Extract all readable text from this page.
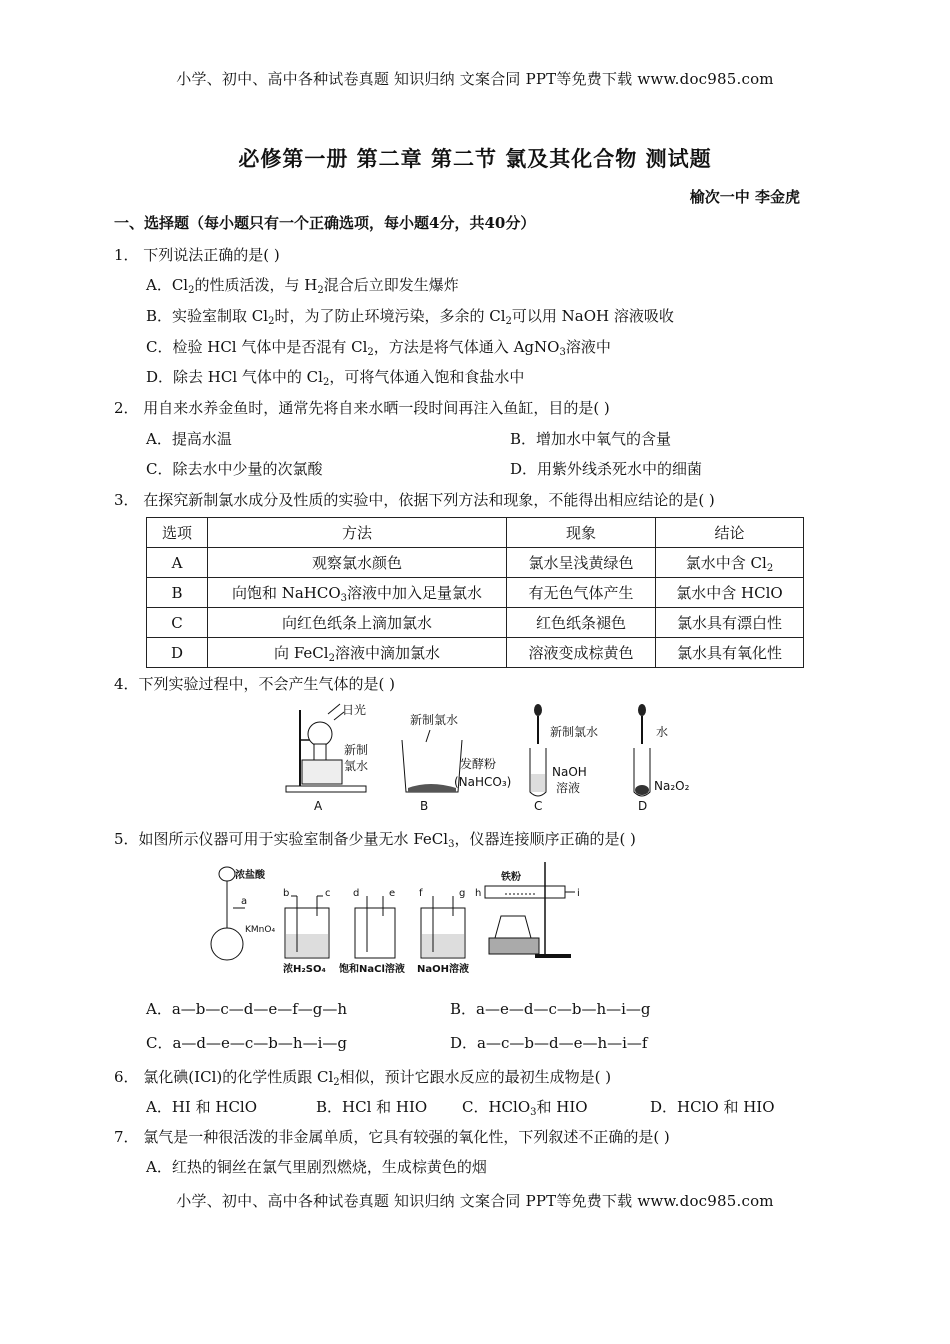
小学、初中、高中各种试卷真题 知识归纳 文案合同 PPT等免费下载 www.doc985.com
必修第一册 第二章 第二节 氯及其化合物 测试题
榆次一中 李金虎
一、选择题（每小题只有一个正确选项，每小题4分，共40分）
1． 下列说法正确的是( )
A．$Cl_2$的性质活泼，与 $H_2$混合后立即发生爆炸
B．实验室制取 $Cl_2$时，为了防止环境污染，多余的 $Cl_2$可以用 NaOH 溶液吸收
C．检验 HCl 气体中是否混有 $Cl_2$，方法是将气体通入 AgNO$_3$溶液中
D．除去 HCl 气体中的 $Cl_2$，可将气体通入饱和食盐水中
2． 用自来水养金鱼时，通常先将自来水晒一段时间再注入鱼缸，目的是( )
A．提高水温	B．增加水中氧气的含量
C．除去水中少量的次氯酸	D．用紫外线杀死水中的细菌
3． 在探究新制氯水成分及性质的实验中，依据下列方法和现象，不能得出相应结论的是( )
选项	方法	现象	结论
A	观察氯水颜色	氯水呈浅黄绿色	氯水中含 $Cl_2$
B	向饱和 NaHCO$_3$溶液中加入足量氯水	有无色气体产生	氯水中含 HClO
C	向红色纸条上滴加氯水	红色纸条褪色	氯水具有漂白性
D	向 FeCl$_2$溶液中滴加氯水	溶液变成棕黄色	氯水具有氧化性
4．下列实验过程中，不会产生气体的是( )
日光
新制
氯水
A
新制氯水
发酵粉
(NaHCO₃)
B
新制氯水
NaOH
溶液
C
水
Na₂O₂
D
5．如图所示仪器可用于实验室制备少量无水 FeCl$_3$，仪器连接顺序正确的是( )
浓盐酸
a
KMnO₄
b	c
浓H₂SO₄
d	e
饱和NaCl溶液
f	g
NaOH溶液
铁粉
h	i
A．a—b—c—d—e—f—g—h	B．a—e—d—c—b—h—i—g
C．a—d—e—c—b—h—i—g	D．a—c—b—d—e—h—i—f
6． 氯化碘(ICl)的化学性质跟 $Cl_2$相似，预计它跟水反应的最初生成物是( )
A．HI 和 HClO	B．HCl 和 HIO C．HClO$_3$和 HIO	D．HClO 和 HIO
7． 氯气是一种很活泼的非金属单质，它具有较强的氧化性，下列叙述不正确的是( )
A．红热的铜丝在氯气里剧烈燃烧，生成棕黄色的烟
小学、初中、高中各种试卷真题 知识归纳 文案合同 PPT等免费下载 www.doc985.com
